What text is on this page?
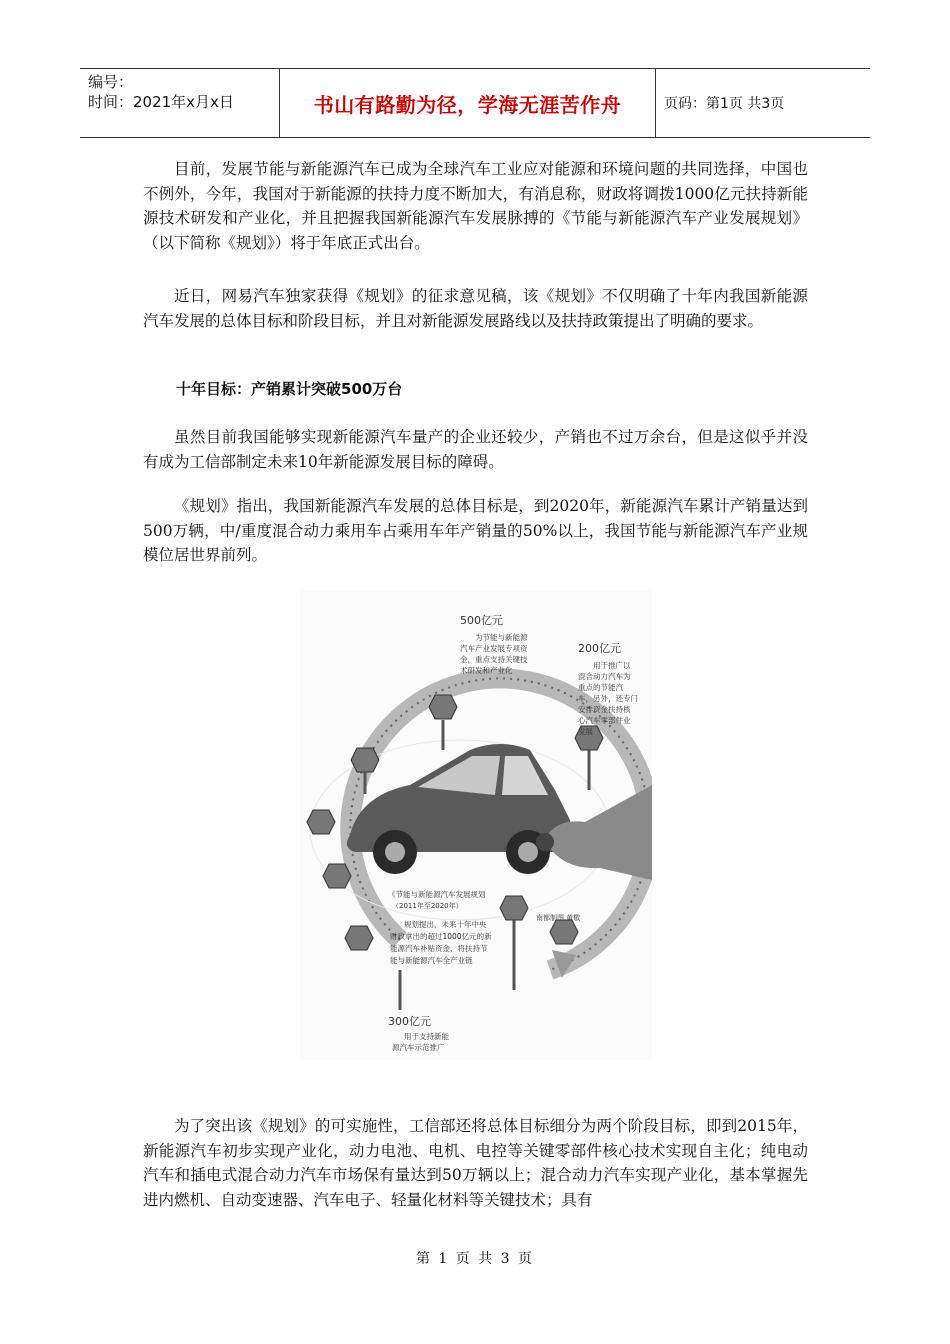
编号：
时间：2021年x月x日	书山有路勤为径，学海无涯苦作舟	页码：第1页 共3页

目前，发展节能与新能源汽车已成为全球汽车工业应对能源和环境问题的共同选择，中国也不例外，今年，我国对于新能源的扶持力度不断加大，有消息称，财政将调拨1000亿元扶持新能源技术研发和产业化，并且把握我国新能源汽车发展脉搏的《节能与新能源汽车产业发展规划》（以下简称《规划》）将于年底正式出台。

近日，网易汽车独家获得《规划》的征求意见稿，该《规划》不仅明确了十年内我国新能源汽车发展的总体目标和阶段目标，并且对新能源发展路线以及扶持政策提出了明确的要求。

十年目标：产销累计突破500万台

虽然目前我国能够实现新能源汽车量产的企业还较少，产销也不过万余台，但是这似乎并没有成为工信部制定未来10年新能源发展目标的障碍。

《规划》指出，我国新能源汽车发展的总体目标是，到2020年，新能源汽车累计产销量达到500万辆，中/重度混合动力乘用车占乘用车年产销量的50%以上，我国节能与新能源汽车产业规模位居世界前列。

500亿元
为节能与新能源
汽车产业发展专项资
金，重点支持关键技
术研发和产业化
200亿元
用于推广以
混合动力汽车为
重点的节能汽
车，另外，还专门
安排资金扶持核
心汽车零部件业
发展
《节能与新能源汽车发展规划
（2011年至2020年）
规划提出，未来十年中央
财政拿出的超过1000亿元的新
能源汽车补贴资金，将扶持节
能与新能源汽车全产业链
南都制图 黄敬
300亿元
用于支持新能
源汽车示范推广

为了突出该《规划》的可实施性，工信部还将总体目标细分为两个阶段目标，即到2015年，新能源汽车初步实现产业化，动力电池、电机、电控等关键零部件核心技术实现自主化；纯电动汽车和插电式混合动力汽车市场保有量达到50万辆以上；混合动力汽车实现产业化，基本掌握先进内燃机、自动变速器、汽车电子、轻量化材料等关键技术；具有

第 1 页 共 3 页
